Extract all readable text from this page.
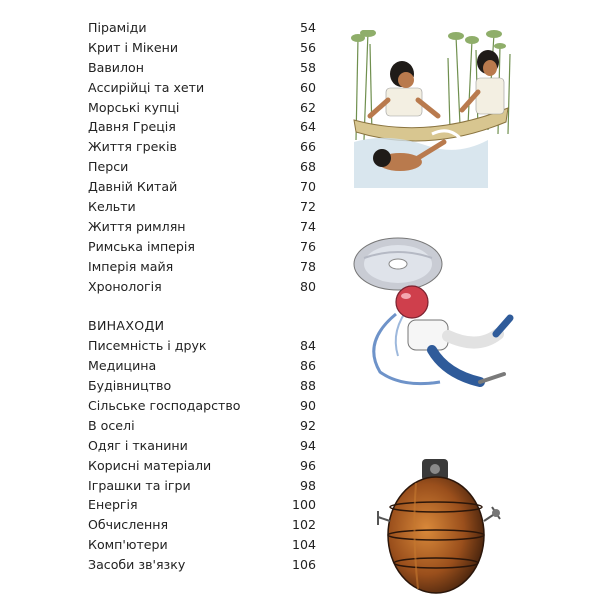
Піраміди	54
Крит і Мікени	56
Вавилон	58
Ассирійці та хети	60
Морські купці	62
Давня Греція	64
Життя греків	66
Перси	68
Давній Китай	70
Кельти	72
Життя римлян	74
Римська імперія	76
Імперія майя	78
Хронологія	80
ВИНАХОДИ
Писемність і друк	84
Медицина	86
Будівництво	88
Сільське господарство	90
В оселі	92
Одяг і тканини	94
Корисні матеріали	96
Іграшки та ігри	98
Енергія	100
Обчислення	102
Комп'ютери	104
Засоби зв'язку	106
